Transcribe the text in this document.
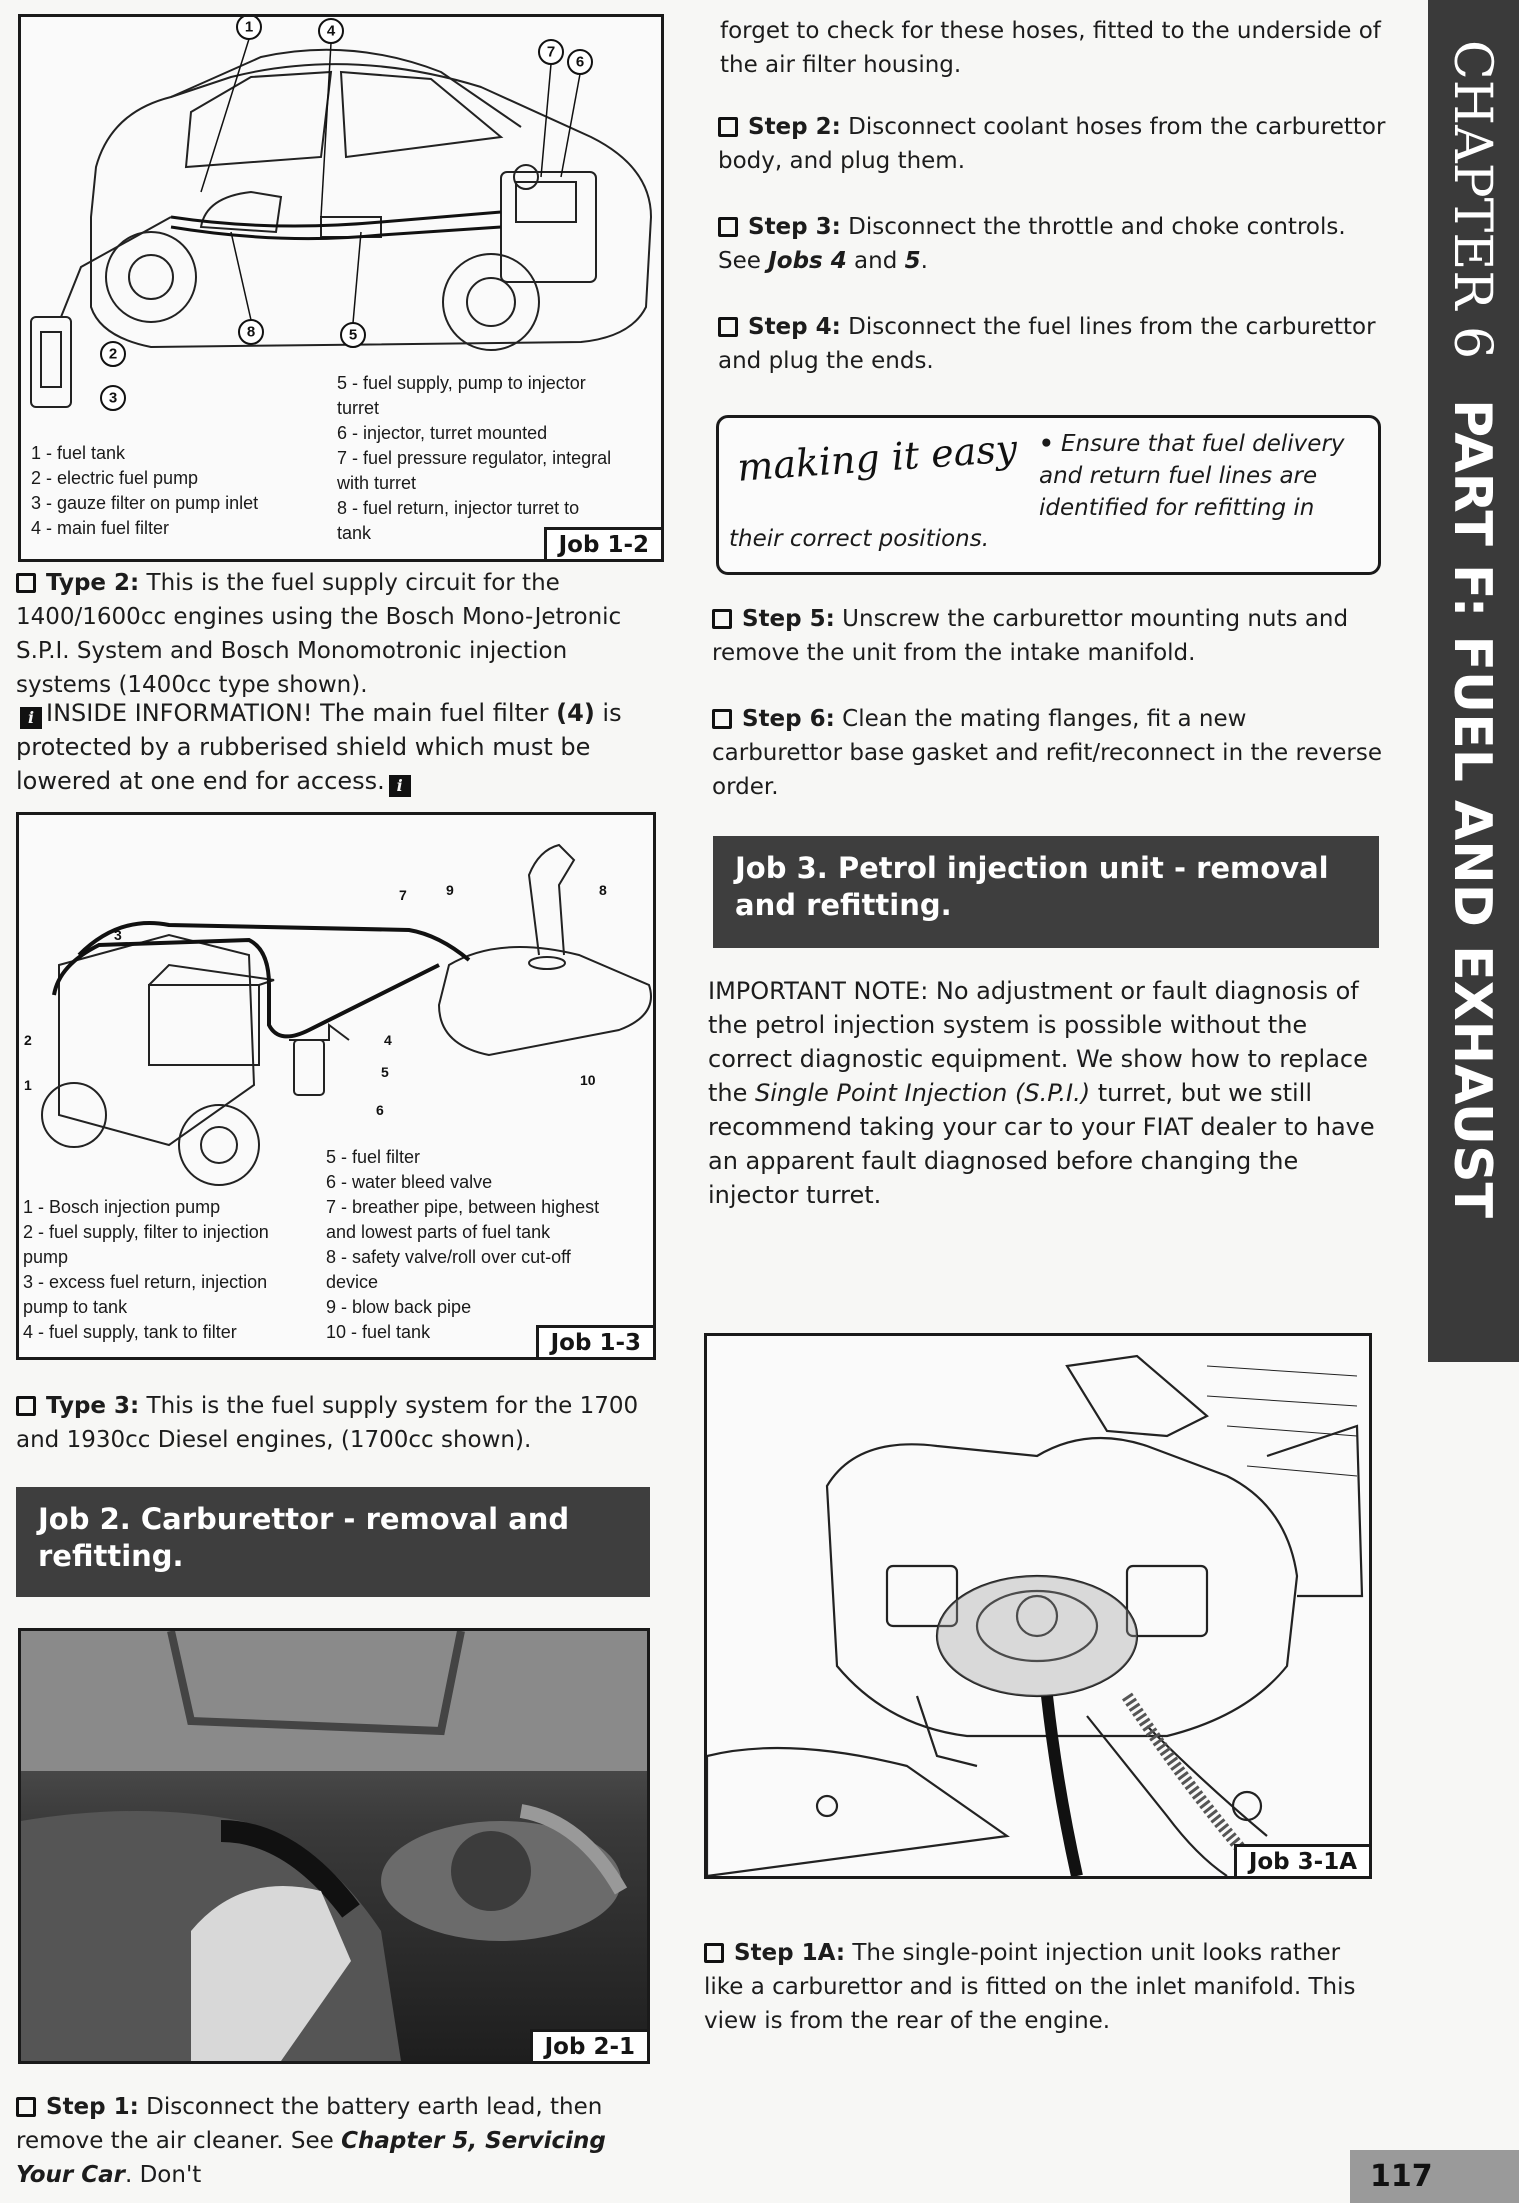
CHAPTER 6PART F: FUEL AND EXHAUST
1	4
7
6
8	5
2
3
1 - fuel tank
2 - electric fuel pump
3 - gauze filter on pump inlet
4 - main fuel filter
5 - fuel supply, pump to injector
turret
6 - injector, turret mounted
7 - fuel pressure regulator, integral
with turret
8 - fuel return, injector turret to
tank	Job 1-2
Type 2: This is the fuel supply circuit for the 1400/1600cc engines using the Bosch Mono-Jetronic S.P.I. System and Bosch Monomotronic injection systems (1400cc type shown).
i INSIDE INFORMATION! The main fuel filter (4) is protected by a rubberised shield which must be lowered at one end for access. i
3
2
1
4
5
6
7	8
9
10
1 - Bosch injection pump
2 - fuel supply, filter to injection
pump
3 - excess fuel return, injection
pump to tank
4 - fuel supply, tank to filter
5 - fuel filter
6 - water bleed valve
7 - breather pipe, between highest
and lowest parts of fuel tank
8 - safety valve/roll over cut-off
device
9 - blow back pipe
10 - fuel tank	Job 1-3
Type 3: This is the fuel supply system for the 1700 and 1930cc Diesel engines, (1700cc shown).
Job 2. Carburettor - removal and refitting.
Job 2-1
Step 1: Disconnect the battery earth lead, then remove the air cleaner. See Chapter 5, Servicing Your Car. Don't
forget to check for these hoses, fitted to the underside of the air filter housing.
Step 2: Disconnect coolant hoses from the carburettor body, and plug them.
Step 3: Disconnect the throttle and choke controls. See Jobs 4 and 5.
Step 4: Disconnect the fuel lines from the carburettor and plug the ends.
making it easy • Ensure that fuel delivery
and return fuel lines are
identified for refitting in
their correct positions.
Step 5: Unscrew the carburettor mounting nuts and remove the unit from the intake manifold.
Step 6: Clean the mating flanges, fit a new carburettor base gasket and refit/reconnect in the reverse order.
Job 3. Petrol injection unit - removal and refitting.
IMPORTANT NOTE: No adjustment or fault diagnosis of the petrol injection system is possible without the correct diagnostic equipment. We show how to replace the Single Point Injection (S.P.I.) turret, but we still recommend taking your car to your FIAT dealer to have an apparent fault diagnosed before changing the injector turret.
Job 3-1A
Step 1A: The single-point injection unit looks rather like a carburettor and is fitted on the inlet manifold. This view is from the rear of the engine.
117
